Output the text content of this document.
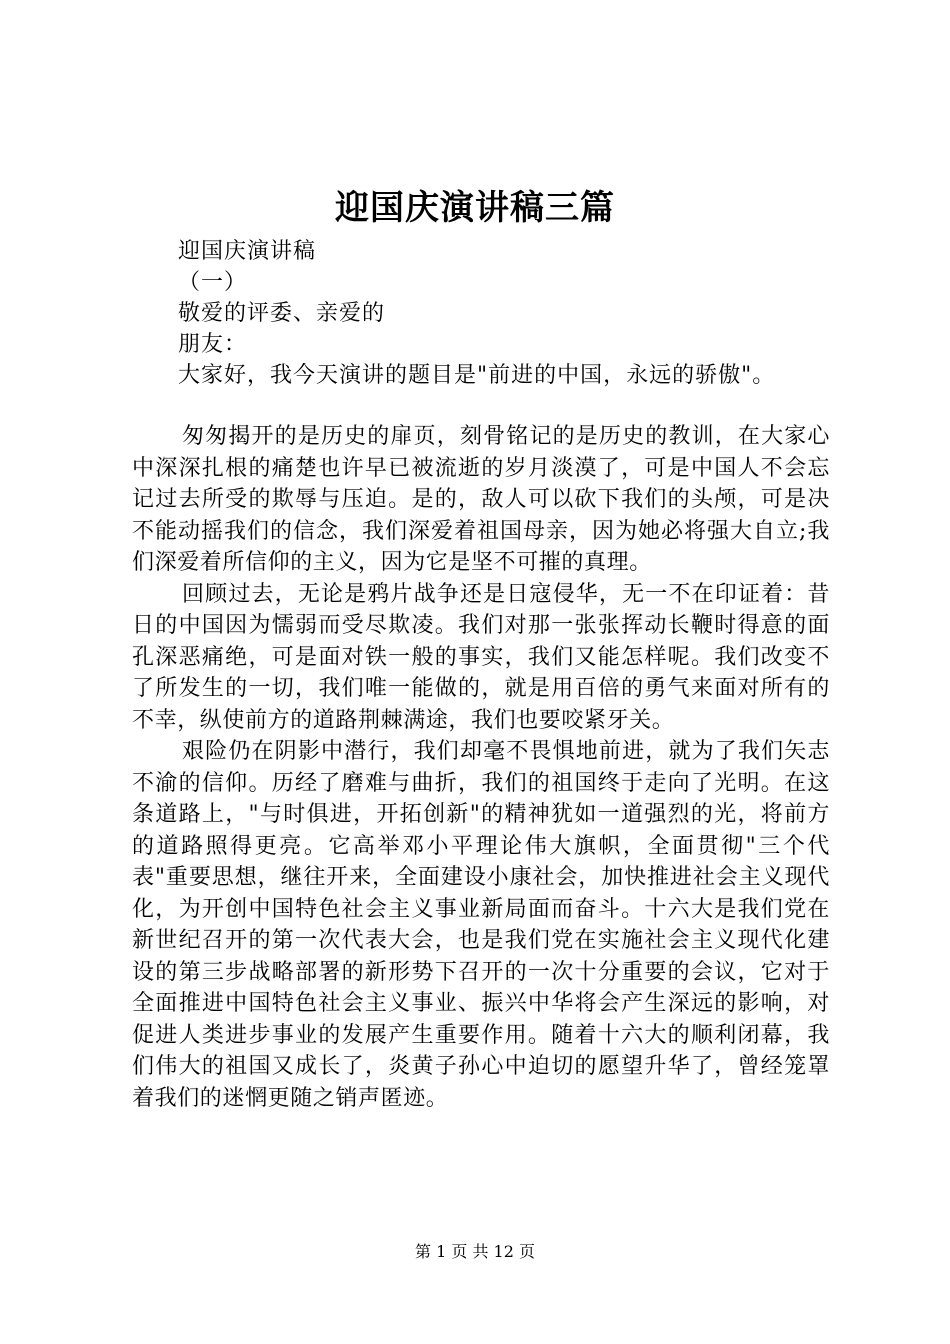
迎国庆演讲稿三篇
迎国庆演讲稿
（一）
敬爱的评委、亲爱的
朋友：
大家好，我今天演讲的题目是"前进的中国，永远的骄傲"。

匆匆揭开的是历史的扉页，刻骨铭记的是历史的教训，在大家心中深深扎根的痛楚也许早已被流逝的岁月淡漠了，可是中国人不会忘记过去所受的欺辱与压迫。是的，敌人可以砍下我们的头颅，可是决不能动摇我们的信念，我们深爱着祖国母亲，因为她必将强大自立;我们深爱着所信仰的主义，因为它是坚不可摧的真理。

回顾过去，无论是鸦片战争还是日寇侵华，无一不在印证着：昔日的中国因为懦弱而受尽欺凌。我们对那一张张挥动长鞭时得意的面孔深恶痛绝，可是面对铁一般的事实，我们又能怎样呢。我们改变不了所发生的一切，我们唯一能做的，就是用百倍的勇气来面对所有的不幸，纵使前方的道路荆棘满途，我们也要咬紧牙关。

艰险仍在阴影中潜行，我们却毫不畏惧地前进，就为了我们矢志不渝的信仰。历经了磨难与曲折，我们的祖国终于走向了光明。在这条道路上，"与时俱进，开拓创新"的精神犹如一道强烈的光，将前方的道路照得更亮。它高举邓小平理论伟大旗帜，全面贯彻"三个代表"重要思想，继往开来，全面建设小康社会，加快推进社会主义现代化，为开创中国特色社会主义事业新局面而奋斗。十六大是我们党在新世纪召开的第一次代表大会，也是我们党在实施社会主义现代化建设的第三步战略部署的新形势下召开的一次十分重要的会议，它对于全面推进中国特色社会主义事业、振兴中华将会产生深远的影响，对促进人类进步事业的发展产生重要作用。随着十六大的顺利闭幕，我们伟大的祖国又成长了，炎黄子孙心中迫切的愿望升华了，曾经笼罩着我们的迷惘更随之销声匿迹。

第 1 页 共 12 页
